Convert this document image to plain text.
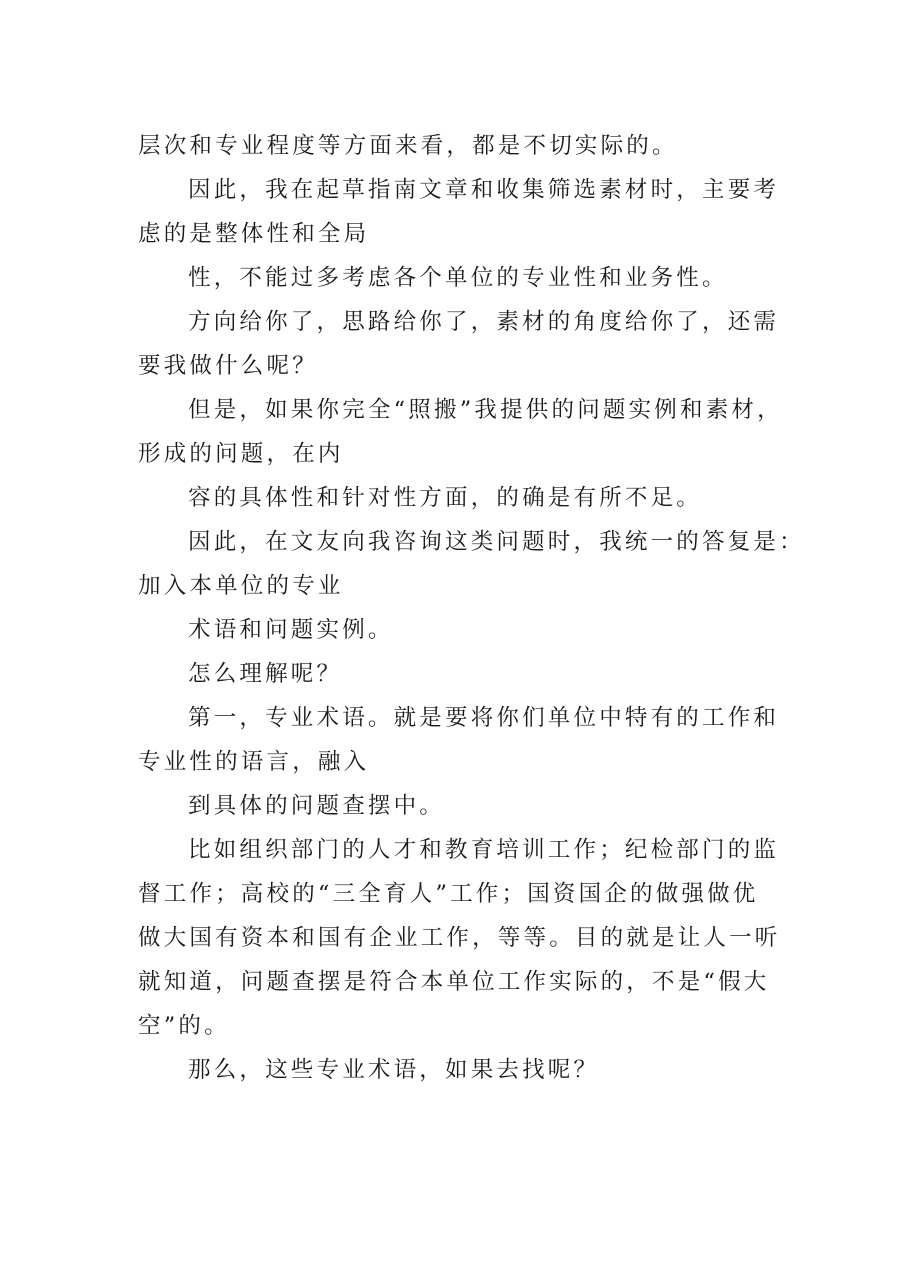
层次和专业程度等方面来看，都是不切实际的。
因此，我在起草指南文章和收集筛选素材时，主要考
虑的是整体性和全局
性，不能过多考虑各个单位的专业性和业务性。
方向给你了，思路给你了，素材的角度给你了，还需
要我做什么呢？
但是，如果你完全“照搬”我提供的问题实例和素材，
形成的问题，在内
容的具体性和针对性方面，的确是有所不足。
因此，在文友向我咨询这类问题时，我统一的答复是：
加入本单位的专业
术语和问题实例。
怎么理解呢？
第一，专业术语。就是要将你们单位中特有的工作和
专业性的语言，融入
到具体的问题查摆中。
比如组织部门的人才和教育培训工作；纪检部门的监
督工作；高校的“三全育人”工作；国资国企的做强做优
做大国有资本和国有企业工作，等等。目的就是让人一听
就知道，问题查摆是符合本单位工作实际的，不是“假大
空”的。
那么，这些专业术语，如果去找呢？
